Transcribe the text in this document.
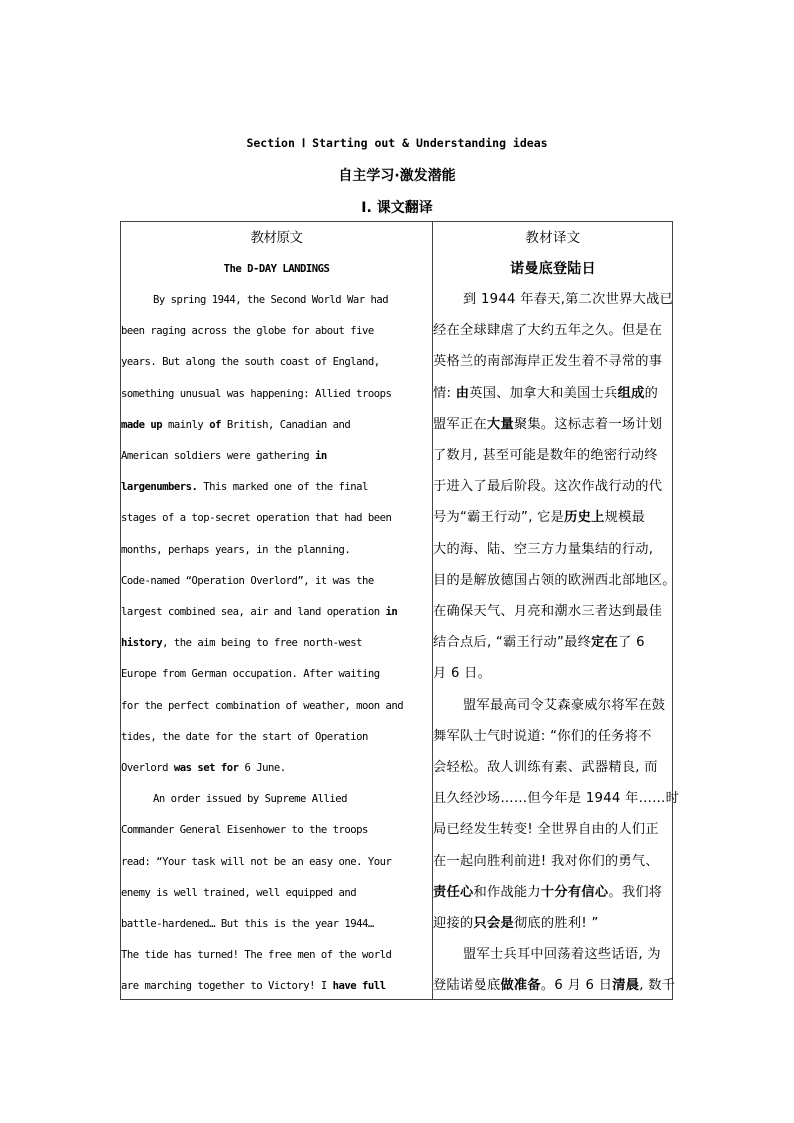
Section Ⅰ Starting out & Understanding ideas
自主学习·激发潜能
Ⅰ. 课文翻译
教材原文
The D-DAY LANDINGS
By spring 1944, the Second World War had
been raging across the globe for about five
years. But along the south coast of England,
something unusual was happening: Allied troops
made up mainly of British, Canadian and
American soldiers were gathering in
largenumbers. This marked one of the final
stages of a top-secret operation that had been
months, perhaps years, in the planning.
Code-named “Operation Overlord”, it was the
largest combined sea, air and land operation in
history, the aim being to free north-west
Europe from German occupation. After waiting
for the perfect combination of weather, moon and
tides, the date for the start of Operation
Overlord was set for 6 June.
An order issued by Supreme Allied
Commander General Eisenhower to the troops
read: “Your task will not be an easy one. Your
enemy is well trained, well equipped and
battle-hardened… But this is the year 1944…
The tide has turned! The free men of the world
are marching together to Victory! I have full
教材译文
诺曼底登陆日
到 1944 年春天,第二次世界大战已
经在全球肆虐了大约五年之久。但是在
英格兰的南部海岸正发生着不寻常的事
情: 由英国、加拿大和美国士兵组成的
盟军正在大量聚集。这标志着一场计划
了数月, 甚至可能是数年的绝密行动终
于进入了最后阶段。这次作战行动的代
号为“霸王行动”, 它是历史上规模最
大的海、陆、空三方力量集结的行动,
目的是解放德国占领的欧洲西北部地区。
在确保天气、月亮和潮水三者达到最佳
结合点后, “霸王行动”最终定在了 6
月 6 日。
盟军最高司令艾森豪威尔将军在鼓
舞军队士气时说道: “你们的任务将不
会轻松。敌人训练有素、武器精良, 而
且久经沙场……但今年是 1944 年……时
局已经发生转变! 全世界自由的人们正
在一起向胜利前进! 我对你们的勇气、
责任心和作战能力十分有信心。我们将
迎接的只会是彻底的胜利! ”
盟军士兵耳中回荡着这些话语, 为
登陆诺曼底做准备。6 月 6 日清晨, 数千
